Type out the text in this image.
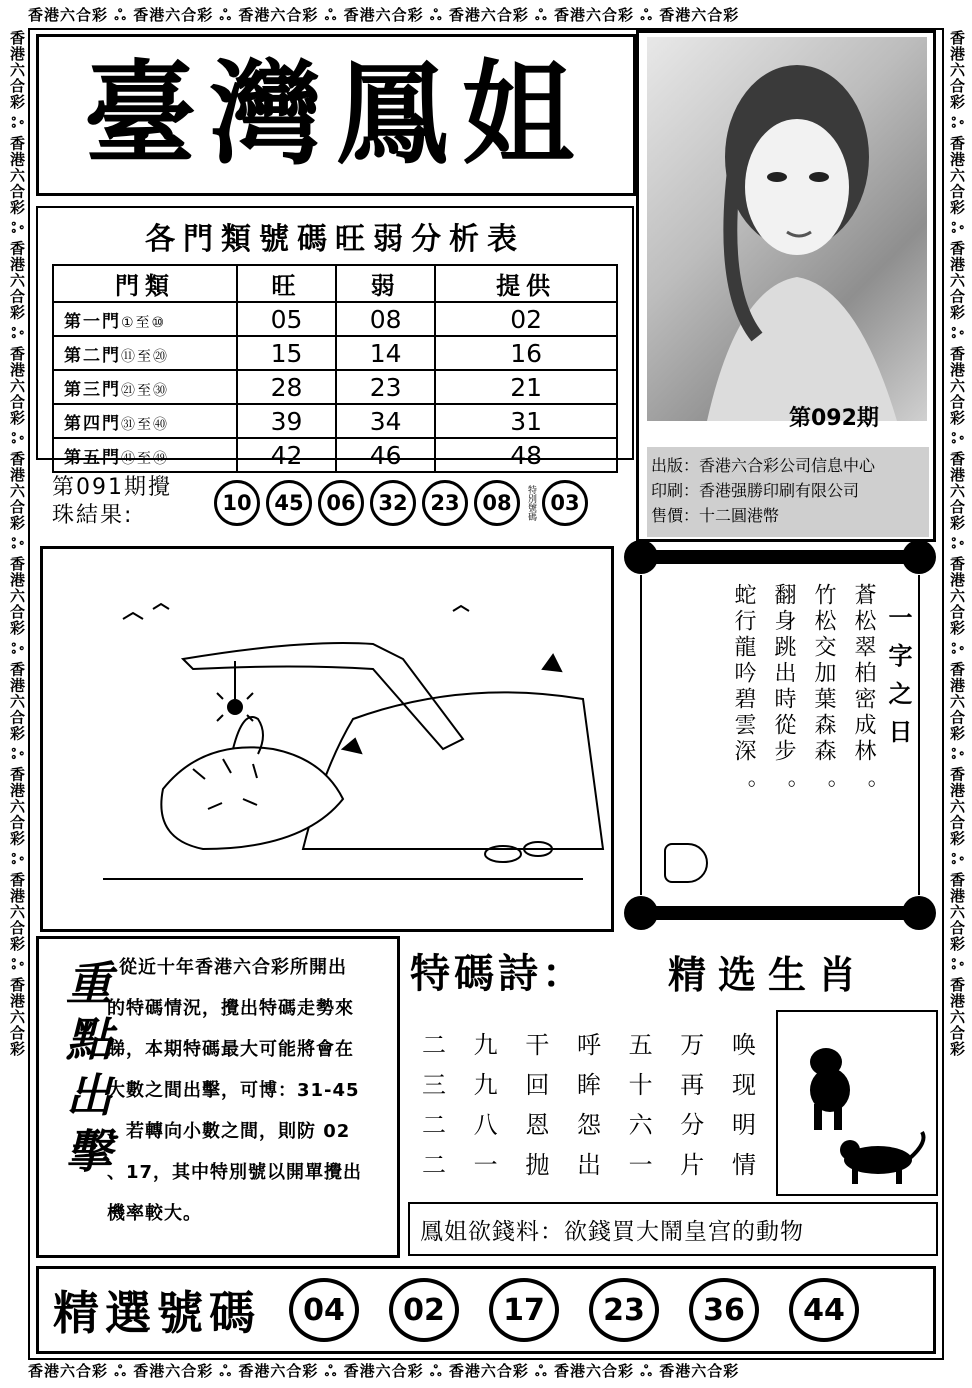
香港六合彩 ஃ 香港六合彩 ஃ 香港六合彩 ஃ 香港六合彩 ஃ 香港六合彩 ஃ 香港六合彩 ஃ 香港六合彩
香港六合彩 ஃ 香港六合彩 ஃ 香港六合彩 ஃ 香港六合彩 ஃ 香港六合彩 ஃ 香港六合彩 ஃ 香港六合彩
香港六合彩 ஃ 香港六合彩 ஃ 香港六合彩 ஃ 香港六合彩 ஃ 香港六合彩 ஃ 香港六合彩 ஃ 香港六合彩 ஃ 香港六合彩 ஃ 香港六合彩 ஃ 香港六合彩	香港六合彩 ஃ 香港六合彩 ஃ 香港六合彩 ஃ 香港六合彩 ஃ 香港六合彩 ஃ 香港六合彩 ஃ 香港六合彩 ஃ 香港六合彩 ஃ 香港六合彩 ஃ 香港六合彩
臺灣鳳姐
第092期
出版：香港六合彩公司信息中心
印刷：香港强勝印刷有限公司
售價：十二圓港幣
各門類號碼旺弱分析表
門類	旺	弱	提供
第一門①至⑩	05	08	02
第二門⑪至⑳	15	14	16
第三門㉑至㉚	28	23	21
第四門㉛至㊵	39	34	31
第五門㊶至㊾	42	46	48
第091期攪
珠結果:	10	45	06	32	23	08	特別號碼 03
一字之日
蒼松翠柏密成林
。
竹松交加葉森森
。
翻身跳出時從步
。
蛇行龍吟碧雲深
。
重點出擊 從近十年香港六合彩所開出
的特碼情況，攪出特碼走勢來
睇，本期特碼最大可能將會在
大數之間出擊，可博：31-45
、若轉向小數之間，則防 02
、17，其中特別號以開單攪出
機率較大。
特碼詩： 精选生肖
二	九	干	呼	五	万	唤
三	九	回	眸	十	再	现
二	八	恩	怨	六	分	明
二	一	抛	岀	一	片	情
鳳姐欲錢料：欲錢買大鬧皇宫的動物
精選號碼	04	02	17	23	36	44
